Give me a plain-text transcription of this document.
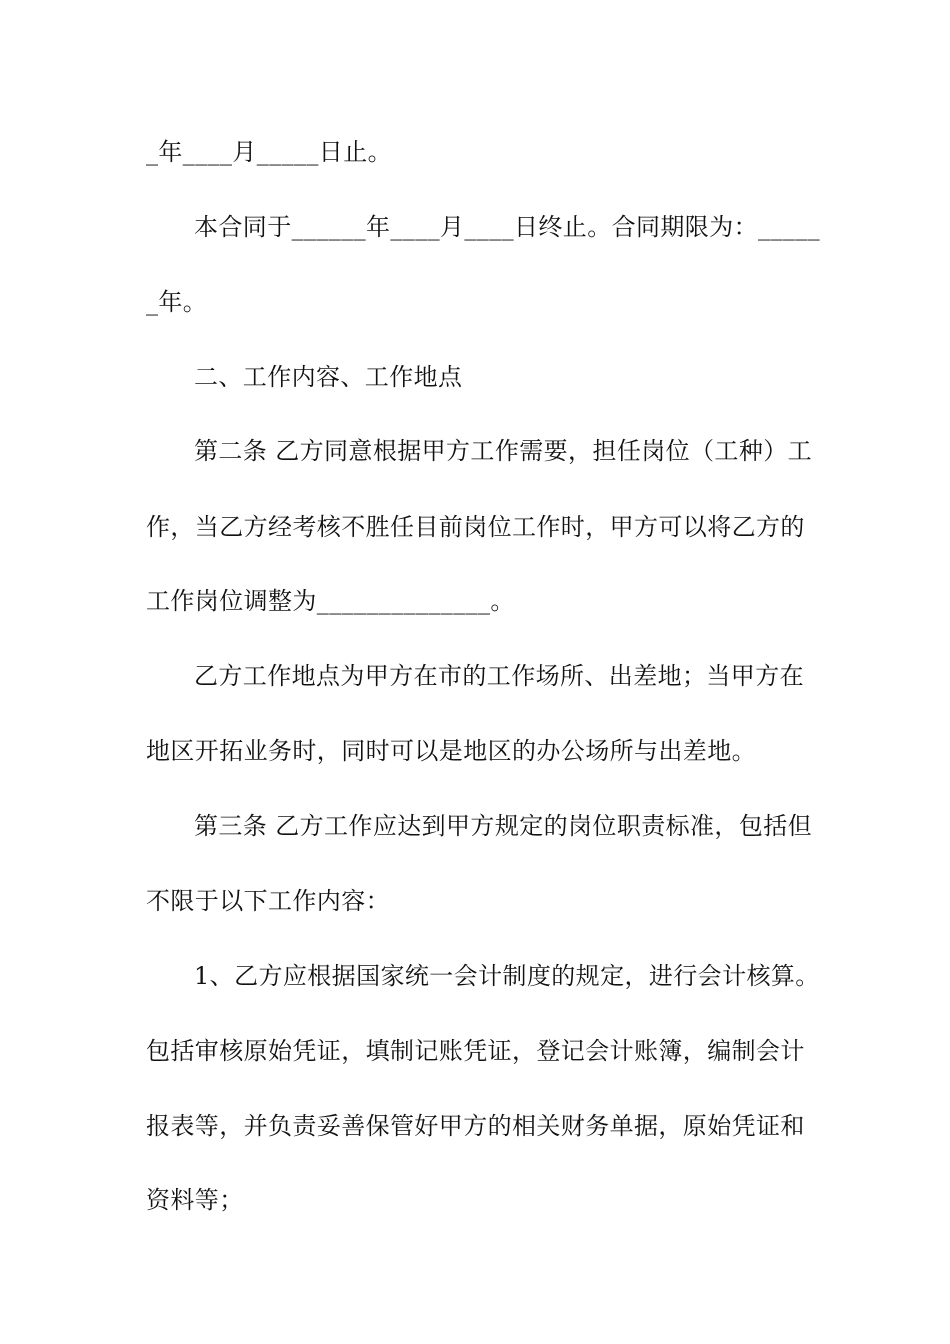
_年____月_____日止。
本合同于______年____月____日终止。合同期限为：_____
_年。
二、工作内容、工作地点
第二条 乙方同意根据甲方工作需要，担任岗位（工种）工
作，当乙方经考核不胜任目前岗位工作时，甲方可以将乙方的
工作岗位调整为______________。
乙方工作地点为甲方在市的工作场所、出差地；当甲方在
地区开拓业务时，同时可以是地区的办公场所与出差地。
第三条 乙方工作应达到甲方规定的岗位职责标准，包括但
不限于以下工作内容：
1、乙方应根据国家统一会计制度的规定，进行会计核算。
包括审核原始凭证，填制记账凭证，登记会计账簿，编制会计
报表等，并负责妥善保管好甲方的相关财务单据，原始凭证和
资料等；
